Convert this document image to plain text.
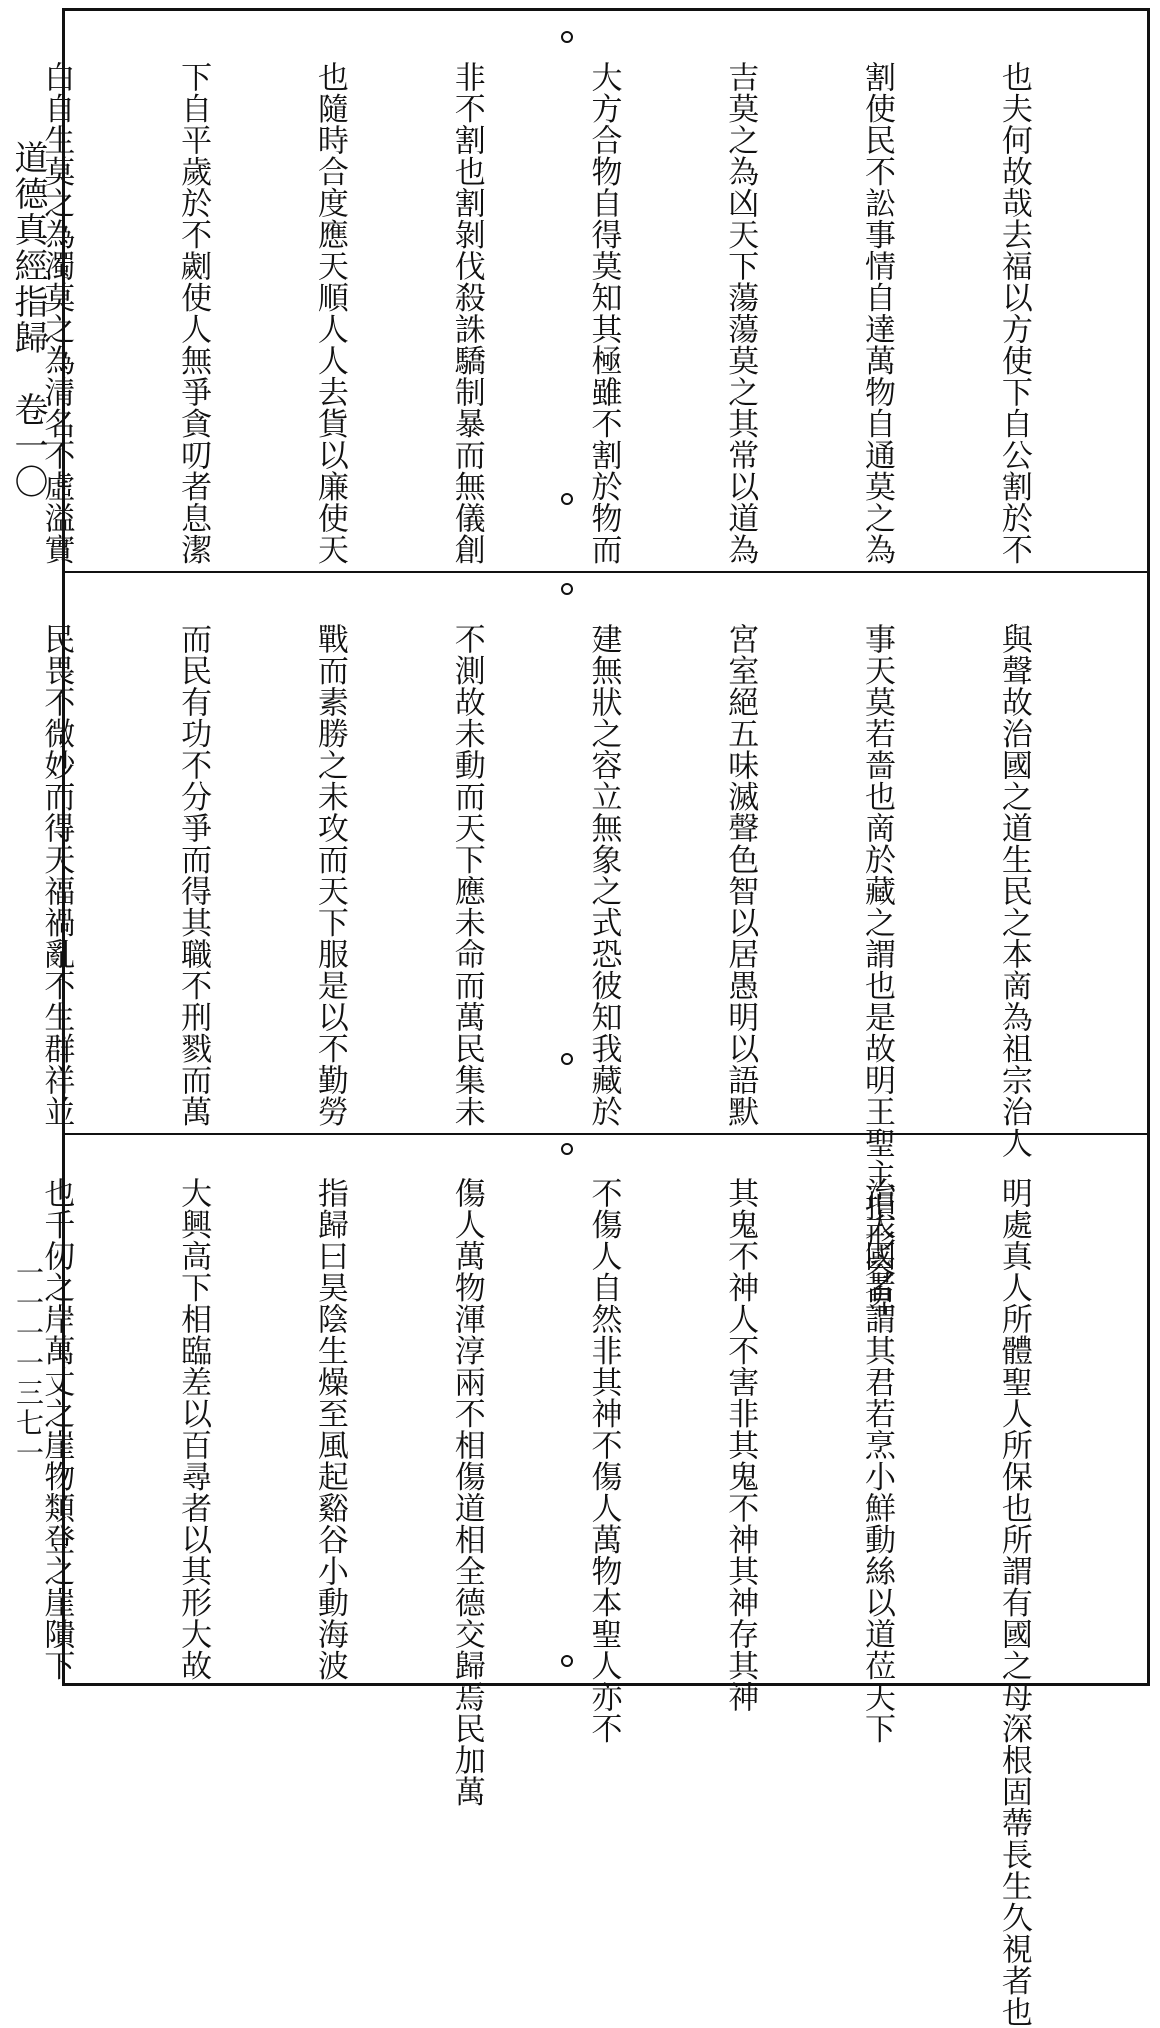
道德真經指歸　卷一〇
一一一一三七一

也夫何故哉去福以方使下自公割於不

割使民不訟事情自達萬物自通莫之為

吉莫之為凶天下蕩蕩莫之其常以道為

大方合物自得莫知其極雖不割於物而

非不割也割剝伐殺誅驕制暴而無儀創

也隨時合度應天順人人去貨以廉使天

下自平歲於不劌使人無爭貪叨者息潔

白自生莫之為濁莫之為清名不虛溢實

與聲故治國之道生民之本啇為祖宗治人

事天莫若嗇也啇於藏之謂也是故明王聖主損形容卑

宮室絕五味滅聲色智以居愚明以語默

建無狀之容立無象之式恐彼知我藏於

不測故未動而天下應未命而萬民集未

戰而素勝之未攻而天下服是以不勤勞

而民有功不分爭而得其職不刑戮而萬

民畏不微妙而得天福禍亂不生群祥並

明處真人所體聖人所保也所謂有國之母深根固蔕長生久視者也

治大國者謂其君若烹小鮮動絲以道莅天下

其鬼不神人不害非其鬼不神其神存其神

不傷人自然非其神不傷人萬物本聖人亦不

傷人萬物渾淳兩不相傷道相全德交歸焉民加萬

指歸曰昊陰生燥至風起谿谷小動海波

大興高下相臨差以百尋者以其形大故

也千仞之岸萬丈之崖物類登之崖隤下
